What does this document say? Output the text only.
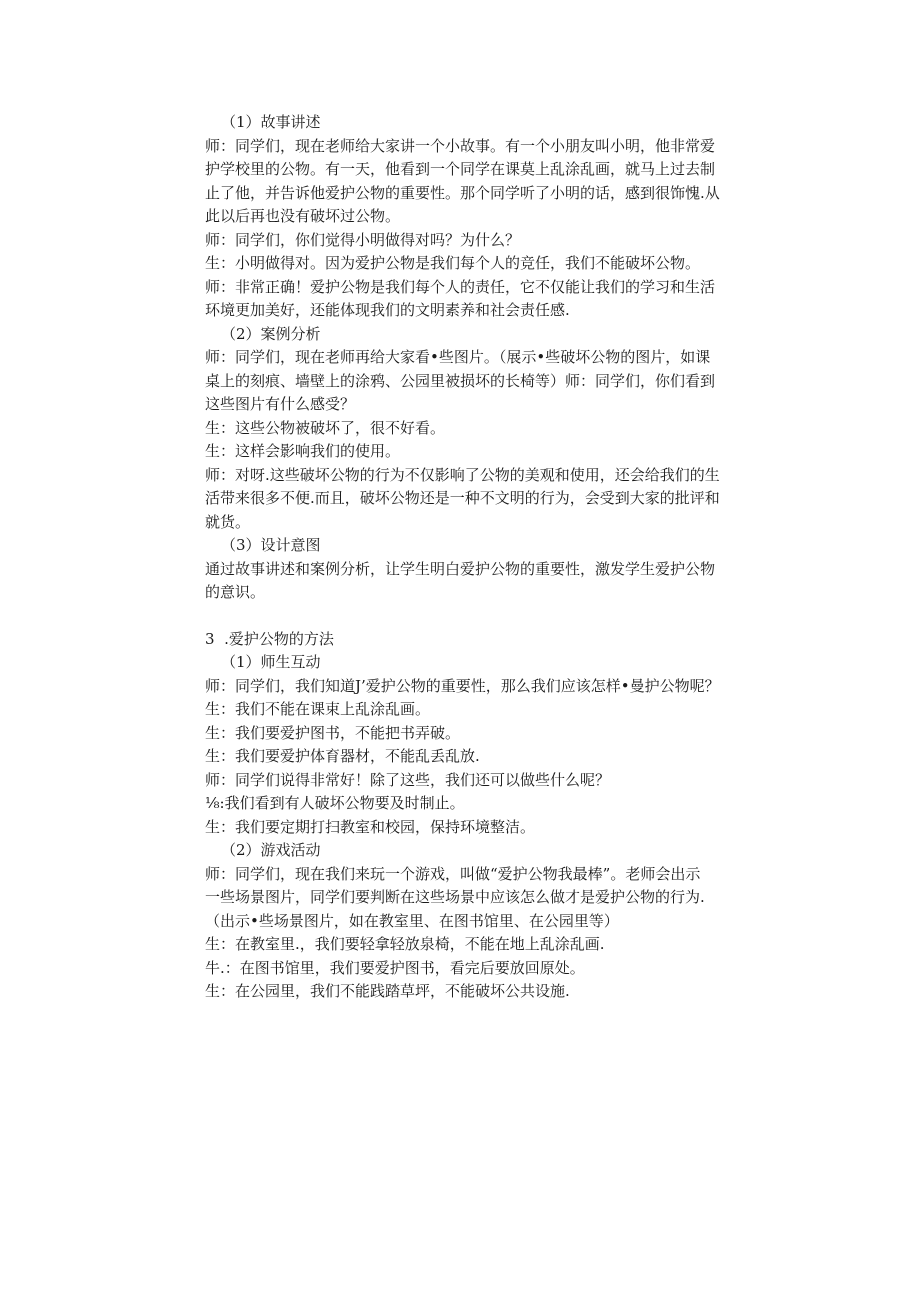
（1）故事讲述
师：同学们，现在老师给大家讲一个小故事。有一个小朋友叫小明，他非常爱
护学校里的公物。有一天，他看到一个同学在课莫上乱涂乱画，就马上过去制
止了他，并告诉他爱护公物的重要性。那个同学听了小明的话，感到很饰愧.从
此以后再也没有破坏过公物。
师：同学们，你们觉得小明做得对吗？为什么？
生：小明做得对。因为爱护公物是我们每个人的竞任，我们不能破坏公物。
师：非常正确！爱护公物是我们每个人的责任，它不仅能让我们的学习和生活
环境更加美好，还能体现我们的文明素养和社会责任感.
（2）案例分析
师：同学们，现在老师再给大家看•些图片。（展示•些破坏公物的图片，如课
桌上的刻痕、墙壁上的涂鸦、公园里被损坏的长椅等）师：同学们，你们看到
这些图片有什么感受？
生：这些公物被破坏了，很不好看。
生：这样会影响我们的使用。
师：对呀.这些破坏公物的行为不仅影响了公物的美观和使用，还会给我们的生
活带来很多不便.而且，破坏公物还是一种不文明的行为，会受到大家的批评和
就货。
（3）设计意图
通过故事讲述和案例分析，让学生明白爱护公物的重要性，激发学生爱护公物
的意识。
3  .爱护公物的方法
（1）师生互动
师：同学们，我们知道J’爱护公物的重要性，那么我们应该怎样•曼护公物呢？
生：我们不能在课束上乱涂乱画。
生：我们要爱护图书，不能把书弄破。
生：我们要爱护体育器材，不能乱丢乱放.
师：同学们说得非常好！除了这些，我们还可以做些什么呢？
⅛:我们看到有人破坏公物要及时制止。
生：我们要定期打扫教室和校园，保持环境整洁。
（2）游戏活动
师：同学们，现在我们来玩一个游戏，叫做“爱护公物我最棒”。老师会出示
一些场景图片，同学们要判断在这些场景中应该怎么做才是爱护公物的行为.
（出示•些场景图片，如在教室里、在图书馆里、在公园里等）
生：在教室里.，我们要轻拿轻放泉椅，不能在地上乱涂乱画.
牛.：在图书馆里，我们要爱护图书，看完后要放回原处。
生：在公园里，我们不能践踏草坪，不能破坏公共设施.
